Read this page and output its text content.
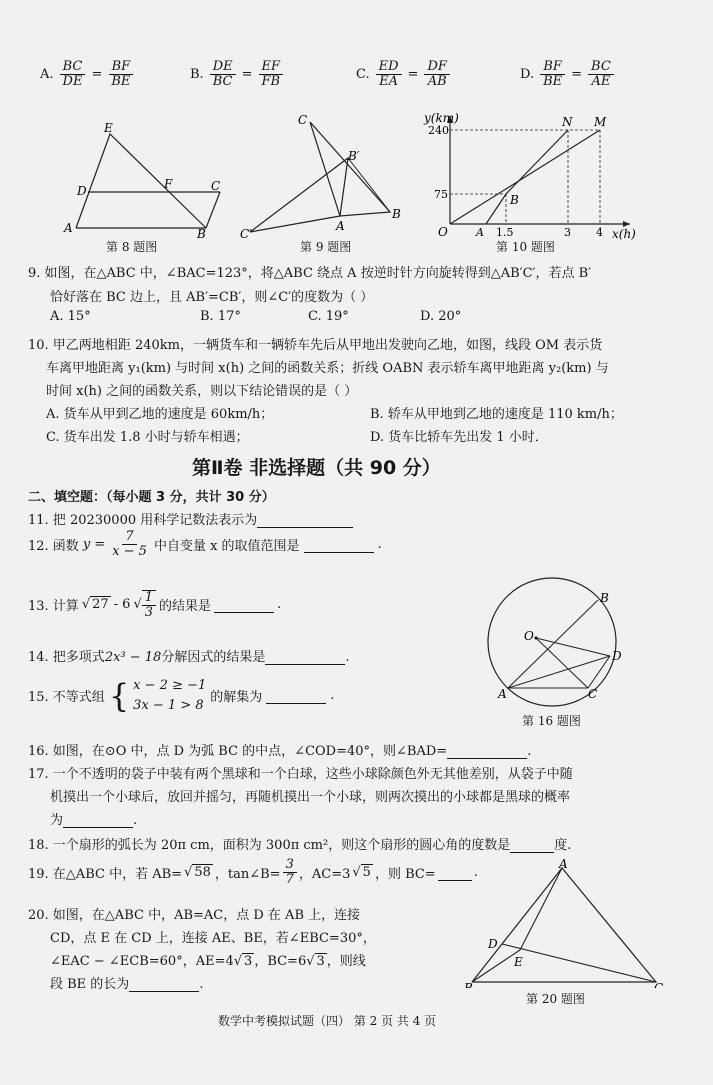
A. $\frac{BC}{DE} = \frac{BF}{BE}$	B. $\frac{DE}{BC} = \frac{EF}{FB}$	C. $\frac{ED}{EA} = \frac{DF}{AB}$	D. $\frac{BF}{BE} = \frac{BC}{AE}$
E
D	F	C
A	B
第 8 题图
C
B′
A
B
C′
第 9 题图
y(km)
x(h)
O
240
75
A 1.5	3 4
B
N M
第 10 题图
9. 如图，在△ABC 中，∠BAC=123°，将△ABC 绕点 A 按逆时针方向旋转得到△AB′C′，若点 B′
恰好落在 BC 边上，且 AB′=CB′，则∠C′的度数为（ ）
A. 15°	B. 17°	C. 19°	D. 20°
10. 甲乙两地相距 240km，一辆货车和一辆轿车先后从甲地出发驶向乙地，如图，线段 OM 表示货
车离甲地距离 y₁(km) 与时间 x(h) 之间的函数关系；折线 OABN 表示轿车离甲地距离 y₂(km) 与
时间 x(h) 之间的函数关系，则以下结论错误的是（ ）
A. 货车从甲到乙地的速度是 60km/h；	B. 轿车从甲地到乙地的速度是 110 km/h；
C. 货车出发 1.8 小时与轿车相遇；	D. 货车比轿车先出发 1 小时．
第Ⅱ卷 非选择题（共 90 分）
二、填空题：（每小题 3 分，共计 30 分）
11. 把 20230000 用科学记数法表示为
12. 函数 $y = \frac{7}{x - 5}$ 中自变量 x 的取值范围是	.
13. 计算 √ 27 - 6 √ $\frac{1}{3}$ 的结果是	.
14. 把多项式2x³ − 18分解因式的结果是	.
15. 不等式组 { x − 2 ≥ −1
3x − 1 > 8 的解集为	.
B
O
D
A	C
第 16 题图
16. 如图，在⊙O 中，点 D 为弧 BC 的中点，∠COD=40°，则∠BAD=	.
17. 一个不透明的袋子中装有两个黑球和一个白球，这些小球除颜色外无其他差别，从袋子中随
机摸出一个小球后，放回并摇匀，再随机摸出一个小球，则两次摸出的小球都是黑球的概率
为	.
18. 一个扇形的弧长为 20π cm，面积为 300π cm²，则这个扇形的圆心角的度数是	度.
19. 在△ABC 中，若 AB= √ 58 ，tan∠B= $\frac{3}{7}$ ，AC=3 √ 5 ，则 BC=	.
20. 如图，在△ABC 中，AB=AC，点 D 在 AB 上，连接
CD，点 E 在 CD 上，连接 AE、BE，若∠EBC=30°，
∠EAC − ∠ECB=60°，AE=4√ 3 ，BC=6√ 3 ，则线
段 BE 的长为	.
A
D
E
B	C
第 20 题图
数学中考模拟试题（四） 第 2 页 共 4 页
